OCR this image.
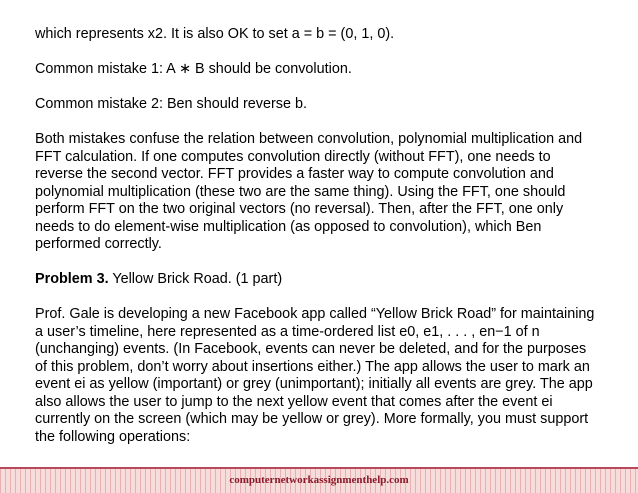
which represents x2. It is also OK to set a = b = (0, 1, 0).

Common mistake 1: A ∗ B should be convolution.

Common mistake 2: Ben should reverse b.

Both mistakes confuse the relation between convolution, polynomial multiplication and
FFT calculation. If one computes convolution directly (without FFT), one needs to
reverse the second vector. FFT provides a faster way to compute convolution and
polynomial multiplication (these two are the same thing). Using the FFT, one should
perform FFT on the two original vectors (no reversal). Then, after the FFT, one only
needs to do element-wise multiplication (as opposed to convolution), which Ben
performed correctly.

Problem 3. Yellow Brick Road. (1 part)

Prof. Gale is developing a new Facebook app called “Yellow Brick Road” for maintaining
a user’s timeline, here represented as a time-ordered list e0, e1, . . . , en−1 of n
(unchanging) events. (In Facebook, events can never be deleted, and for the purposes
of this problem, don’t worry about insertions either.) The app allows the user to mark an
event ei as yellow (important) or grey (unimportant); initially all events are grey. The app
also allows the user to jump to the next yellow event that comes after the event ei
currently on the screen (which may be yellow or grey). More formally, you must support
the following operations:

computernetworkassignmenthelp.com
